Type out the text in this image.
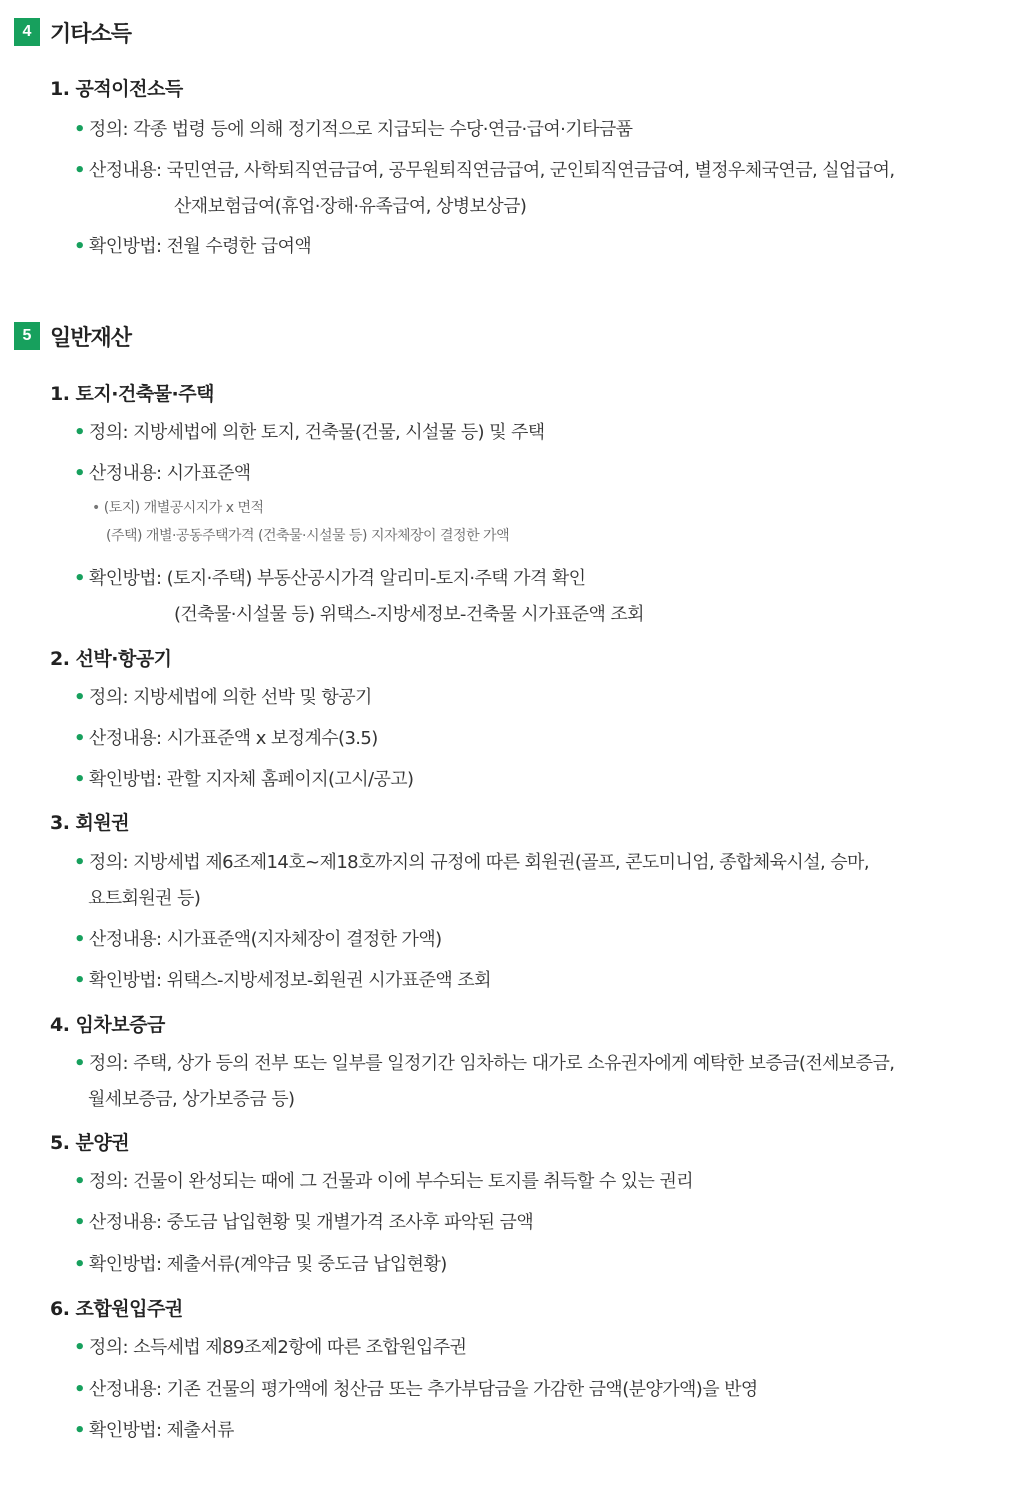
4 기타소득
1. 공적이전소득
• 정의: 각종 법령 등에 의해 정기적으로 지급되는 수당·연금·급여·기타금품
• 산정내용: 국민연금, 사학퇴직연금급여, 공무원퇴직연금급여, 군인퇴직연금급여, 별정우체국연금, 실업급여,
산재보험급여(휴업·장해·유족급여, 상병보상금)
• 확인방법: 전월 수령한 급여액
5 일반재산
1. 토지·건축물·주택
• 정의: 지방세법에 의한 토지, 건축물(건물, 시설물 등) 및 주택
• 산정내용: 시가표준액
• (토지) 개별공시지가 x 면적
(주택) 개별·공동주택가격 (건축물·시설물 등) 지자체장이 결정한 가액
• 확인방법: (토지·주택) 부동산공시가격 알리미-토지·주택 가격 확인
(건축물·시설물 등) 위택스-지방세정보-건축물 시가표준액 조회
2. 선박·항공기
• 정의: 지방세법에 의한 선박 및 항공기
• 산정내용: 시가표준액 x 보정계수(3.5)
• 확인방법: 관할 지자체 홈페이지(고시/공고)
3. 회원권
• 정의: 지방세법 제6조제14호~제18호까지의 규정에 따른 회원권(골프, 콘도미니엄, 종합체육시설, 승마,
요트회원권 등)
• 산정내용: 시가표준액(지자체장이 결정한 가액)
• 확인방법: 위택스-지방세정보-회원권 시가표준액 조회
4. 임차보증금
• 정의: 주택, 상가 등의 전부 또는 일부를 일정기간 임차하는 대가로 소유권자에게 예탁한 보증금(전세보증금,
월세보증금, 상가보증금 등)
5. 분양권
• 정의: 건물이 완성되는 때에 그 건물과 이에 부수되는 토지를 취득할 수 있는 권리
• 산정내용: 중도금 납입현황 및 개별가격 조사후 파악된 금액
• 확인방법: 제출서류(계약금 및 중도금 납입현황)
6. 조합원입주권
• 정의: 소득세법 제89조제2항에 따른 조합원입주권
• 산정내용: 기존 건물의 평가액에 청산금 또는 추가부담금을 가감한 금액(분양가액)을 반영
• 확인방법: 제출서류
